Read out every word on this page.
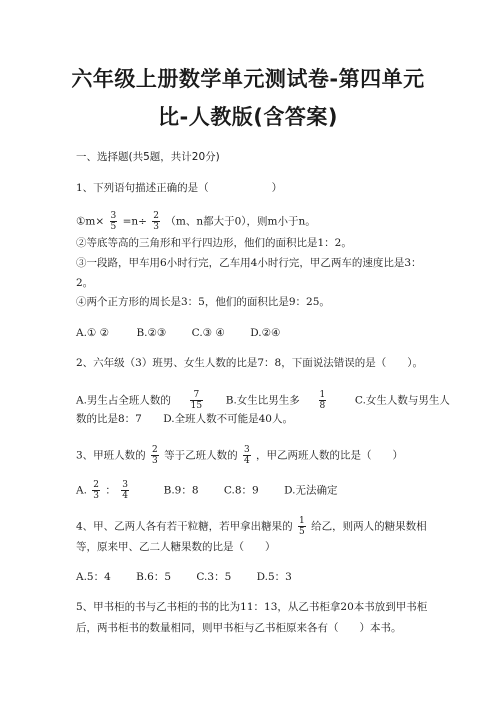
六年级上册数学单元测试卷-第四单元
比-人教版(含答案)
一、选择题(共5题，共计20分)
1、下列语句描述正确的是（　　　　　　）
①m× $\frac{3}{5} =n\div \frac{2}{3} (m$、n都大于0），则m小于n。
②等底等高的三角形和平行四边形，他们的面积比是1：2。
③一段路，甲车用6小时行完，乙车用4小时行完，甲乙两车的速度比是3：
2。
④两个正方形的周长是3：5，他们的面积比是9：25。
A.① ②	B.②③ C.③ ④ D.②④
2、六年级（3）班男、女生人数的比是7：8，下面说法错误的是（　　）。
A.男生占全班人数的 $\frac{7}{15} B$.女生比男生多 $\frac{1}{8}$	C.女生人数与男生人
数的比是8：7 D.全班人数不可能是40人。
3、甲班人数的 $\frac{2}{3}$ 等于乙班人数的 $\frac{3}{4}$ ，甲乙两班人数的比是（　　）
A. $\frac{2}{3}$ ： $\frac{3}{4}$	B.9：8 C.8：9 D.无法确定
4、甲、乙两人各有若干粒糖，若甲拿出糖果的 $\frac{1}{5}$ 给乙，则两人的糖果数相
等，原来甲、乙二人糖果数的比是（　　）
A.5：4 B.6：5 C.3：5 D.5：3
5、甲书柜的书与乙书柜的书的比为11：13，从乙书柜拿20本书放到甲书柜
后，两书柜书的数量相同，则甲书柜与乙书柜原来各有（　　）本书。
